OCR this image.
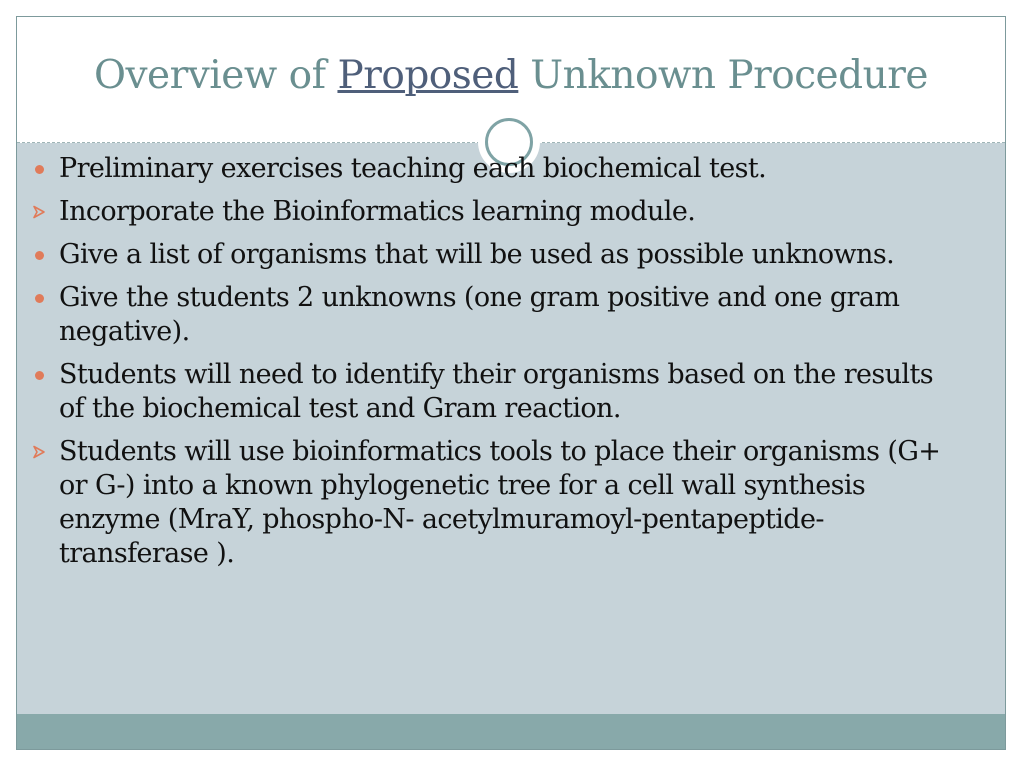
Overview of Proposed Unknown Procedure
Preliminary exercises teaching each biochemical test.
Incorporate the Bioinformatics learning module.
Give a list of organisms that will be used as possible unknowns.
Give the students 2 unknowns (one gram positive and one gram negative).
Students will need to identify their organisms based on the results of the biochemical test and Gram reaction.
Students will use bioinformatics tools to place their organisms (G+ or G-) into a known phylogenetic tree for a cell wall synthesis enzyme (MraY, phospho-N- acetylmuramoyl-pentapeptide- transferase ).
